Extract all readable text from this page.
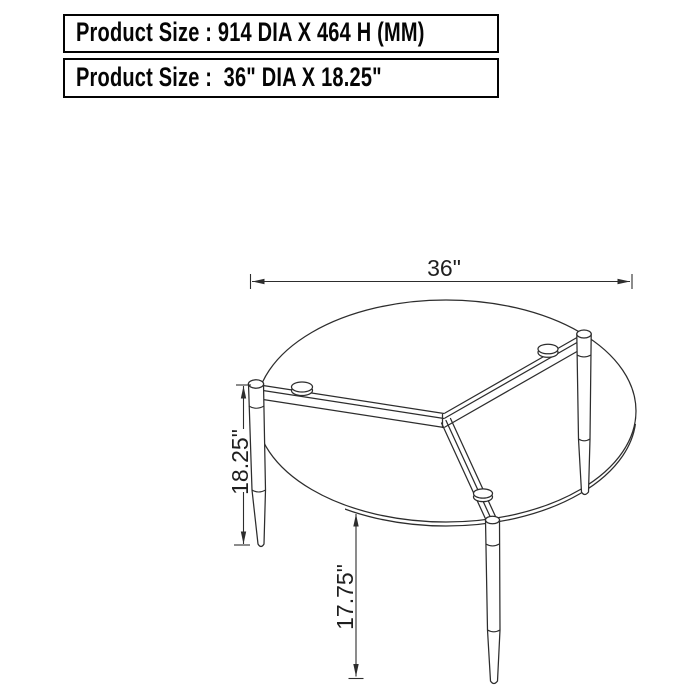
Product Size : 914 DIA X 464 H (MM)
Product Size :  36" DIA X 18.25"
36"
18.25"
17.75"
